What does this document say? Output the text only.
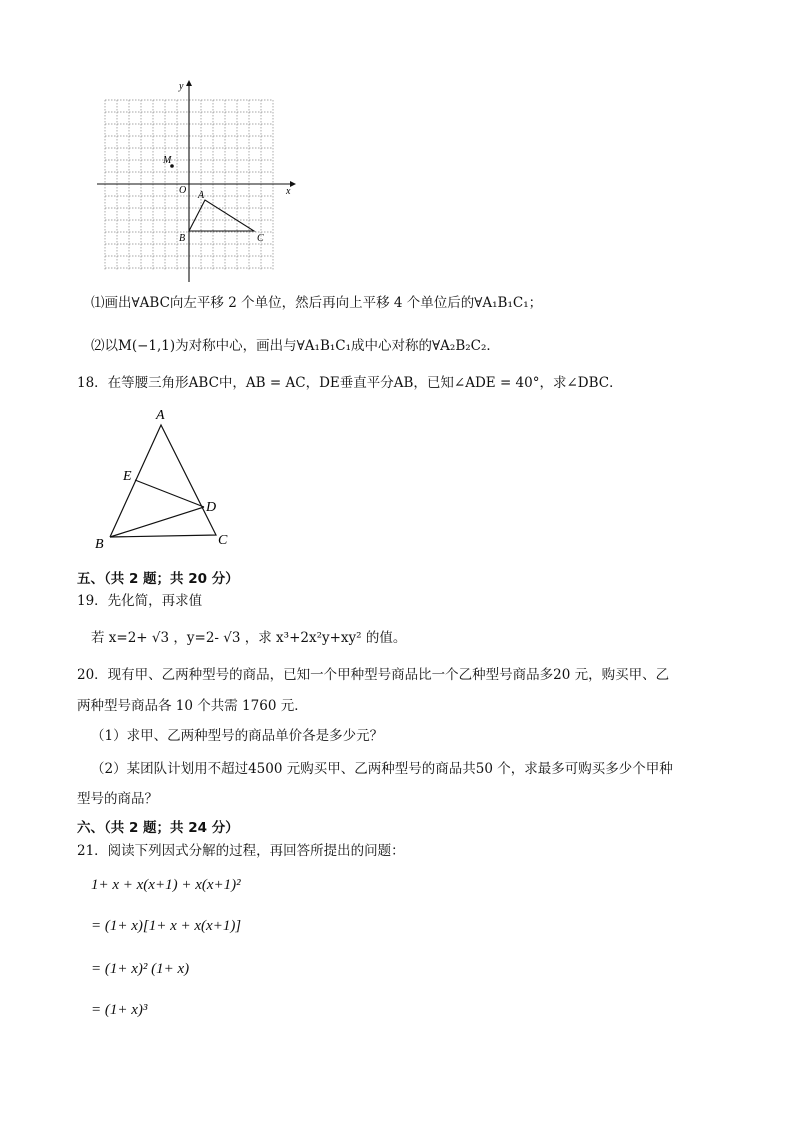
y
x
O
M
A
B	C
⑴画出∀ABC向左平移 2 个单位，然后再向上平移 4 个单位后的∀A₁B₁C₁；
⑵以M(−1,1)为对称中心，画出与∀A₁B₁C₁成中心对称的∀A₂B₂C₂．
18．在等腰三角形ABC中，AB = AC，DE垂直平分AB，已知∠ADE = 40°，求∠DBC．
A
E
D
B	C
五、（共 2 题；共 20 分）
19．先化简，再求值
若 x=2+ √3 ，y=2- √3 ，求 x³+2x²y+xy² 的值。
20．现有甲、乙两种型号的商品，已知一个甲种型号商品比一个乙种型号商品多20 元，购买甲、乙
两种型号商品各 10 个共需 1760 元．
（1）求甲、乙两种型号的商品单价各是多少元？
（2）某团队计划用不超过4500 元购买甲、乙两种型号的商品共50 个，求最多可购买多少个甲种
型号的商品？
六、（共 2 题；共 24 分）
21．阅读下列因式分解的过程，再回答所提出的问题：
1+ x + x(x+1) + x(x+1)²
= (1+ x)[1+ x + x(x+1)]
= (1+ x)² (1+ x)
= (1+ x)³
